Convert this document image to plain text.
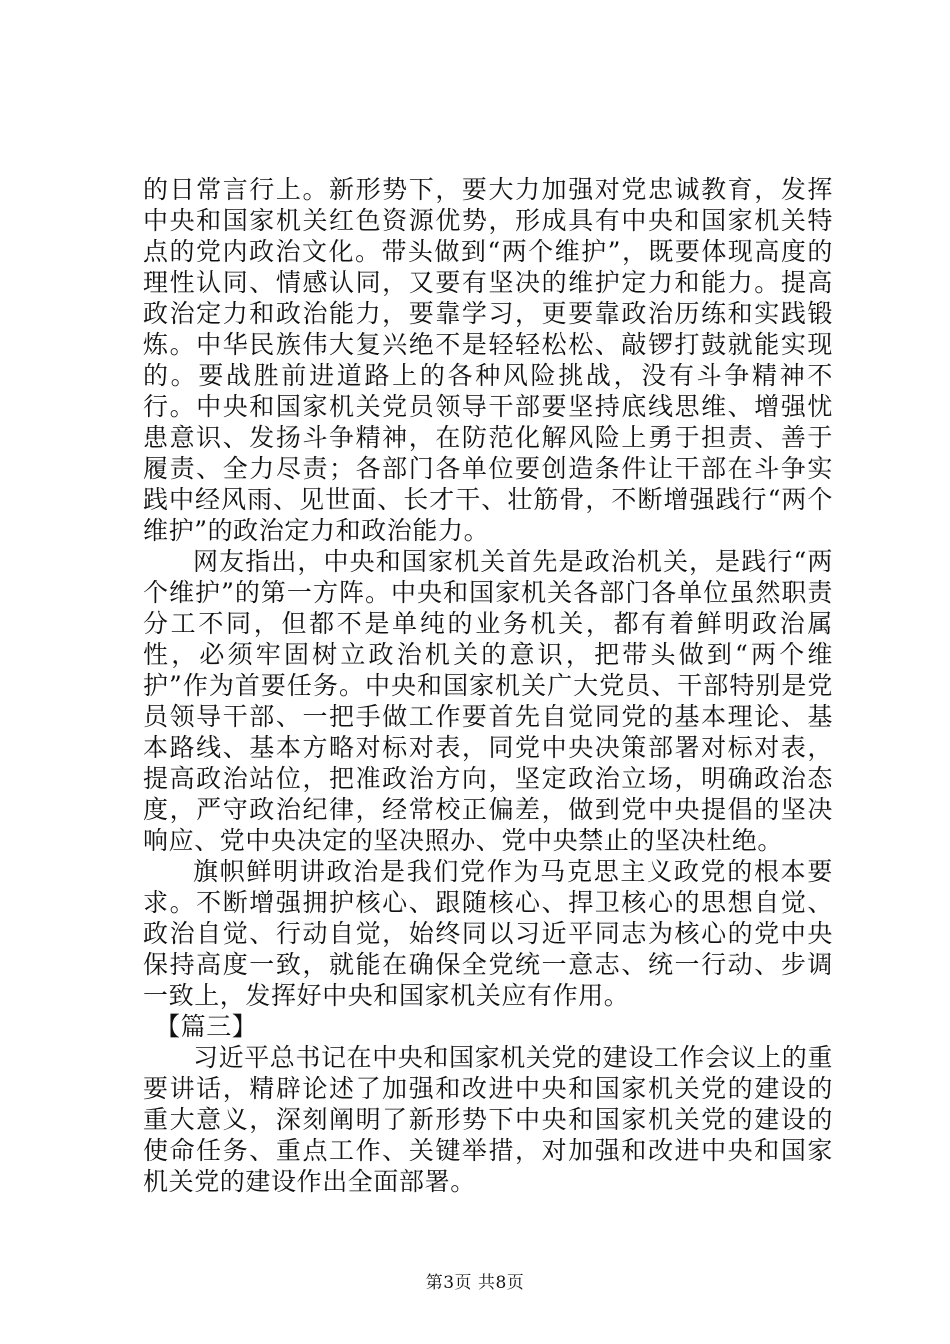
的日常言行上。新形势下，要大力加强对党忠诚教育，发挥中央和国家机关红色资源优势，形成具有中央和国家机关特点的党内政治文化。带头做到“两个维护”，既要体现高度的理性认同、情感认同，又要有坚决的维护定力和能力。提高政治定力和政治能力，要靠学习，更要靠政治历练和实践锻炼。中华民族伟大复兴绝不是轻轻松松、敲锣打鼓就能实现的。要战胜前进道路上的各种风险挑战，没有斗争精神不行。中央和国家机关党员领导干部要坚持底线思维、增强忧患意识、发扬斗争精神，在防范化解风险上勇于担责、善于履责、全力尽责；各部门各单位要创造条件让干部在斗争实践中经风雨、见世面、长才干、壮筋骨，不断增强践行“两个维护”的政治定力和政治能力。

网友指出，中央和国家机关首先是政治机关，是践行“两个维护”的第一方阵。中央和国家机关各部门各单位虽然职责分工不同，但都不是单纯的业务机关，都有着鲜明政治属性，必须牢固树立政治机关的意识，把带头做到“两个维护”作为首要任务。中央和国家机关广大党员、干部特别是党员领导干部、一把手做工作要首先自觉同党的基本理论、基本路线、基本方略对标对表，同党中央决策部署对标对表，提高政治站位，把准政治方向，坚定政治立场，明确政治态度，严守政治纪律，经常校正偏差，做到党中央提倡的坚决响应、党中央决定的坚决照办、党中央禁止的坚决杜绝。

旗帜鲜明讲政治是我们党作为马克思主义政党的根本要求。不断增强拥护核心、跟随核心、捍卫核心的思想自觉、政治自觉、行动自觉，始终同以习近平同志为核心的党中央保持高度一致，就能在确保全党统一意志、统一行动、步调一致上，发挥好中央和国家机关应有作用。

【篇三】

习近平总书记在中央和国家机关党的建设工作会议上的重要讲话，精辟论述了加强和改进中央和国家机关党的建设的重大意义，深刻阐明了新形势下中央和国家机关党的建设的使命任务、重点工作、关键举措，对加强和改进中央和国家机关党的建设作出全面部署。

第3页 共8页
